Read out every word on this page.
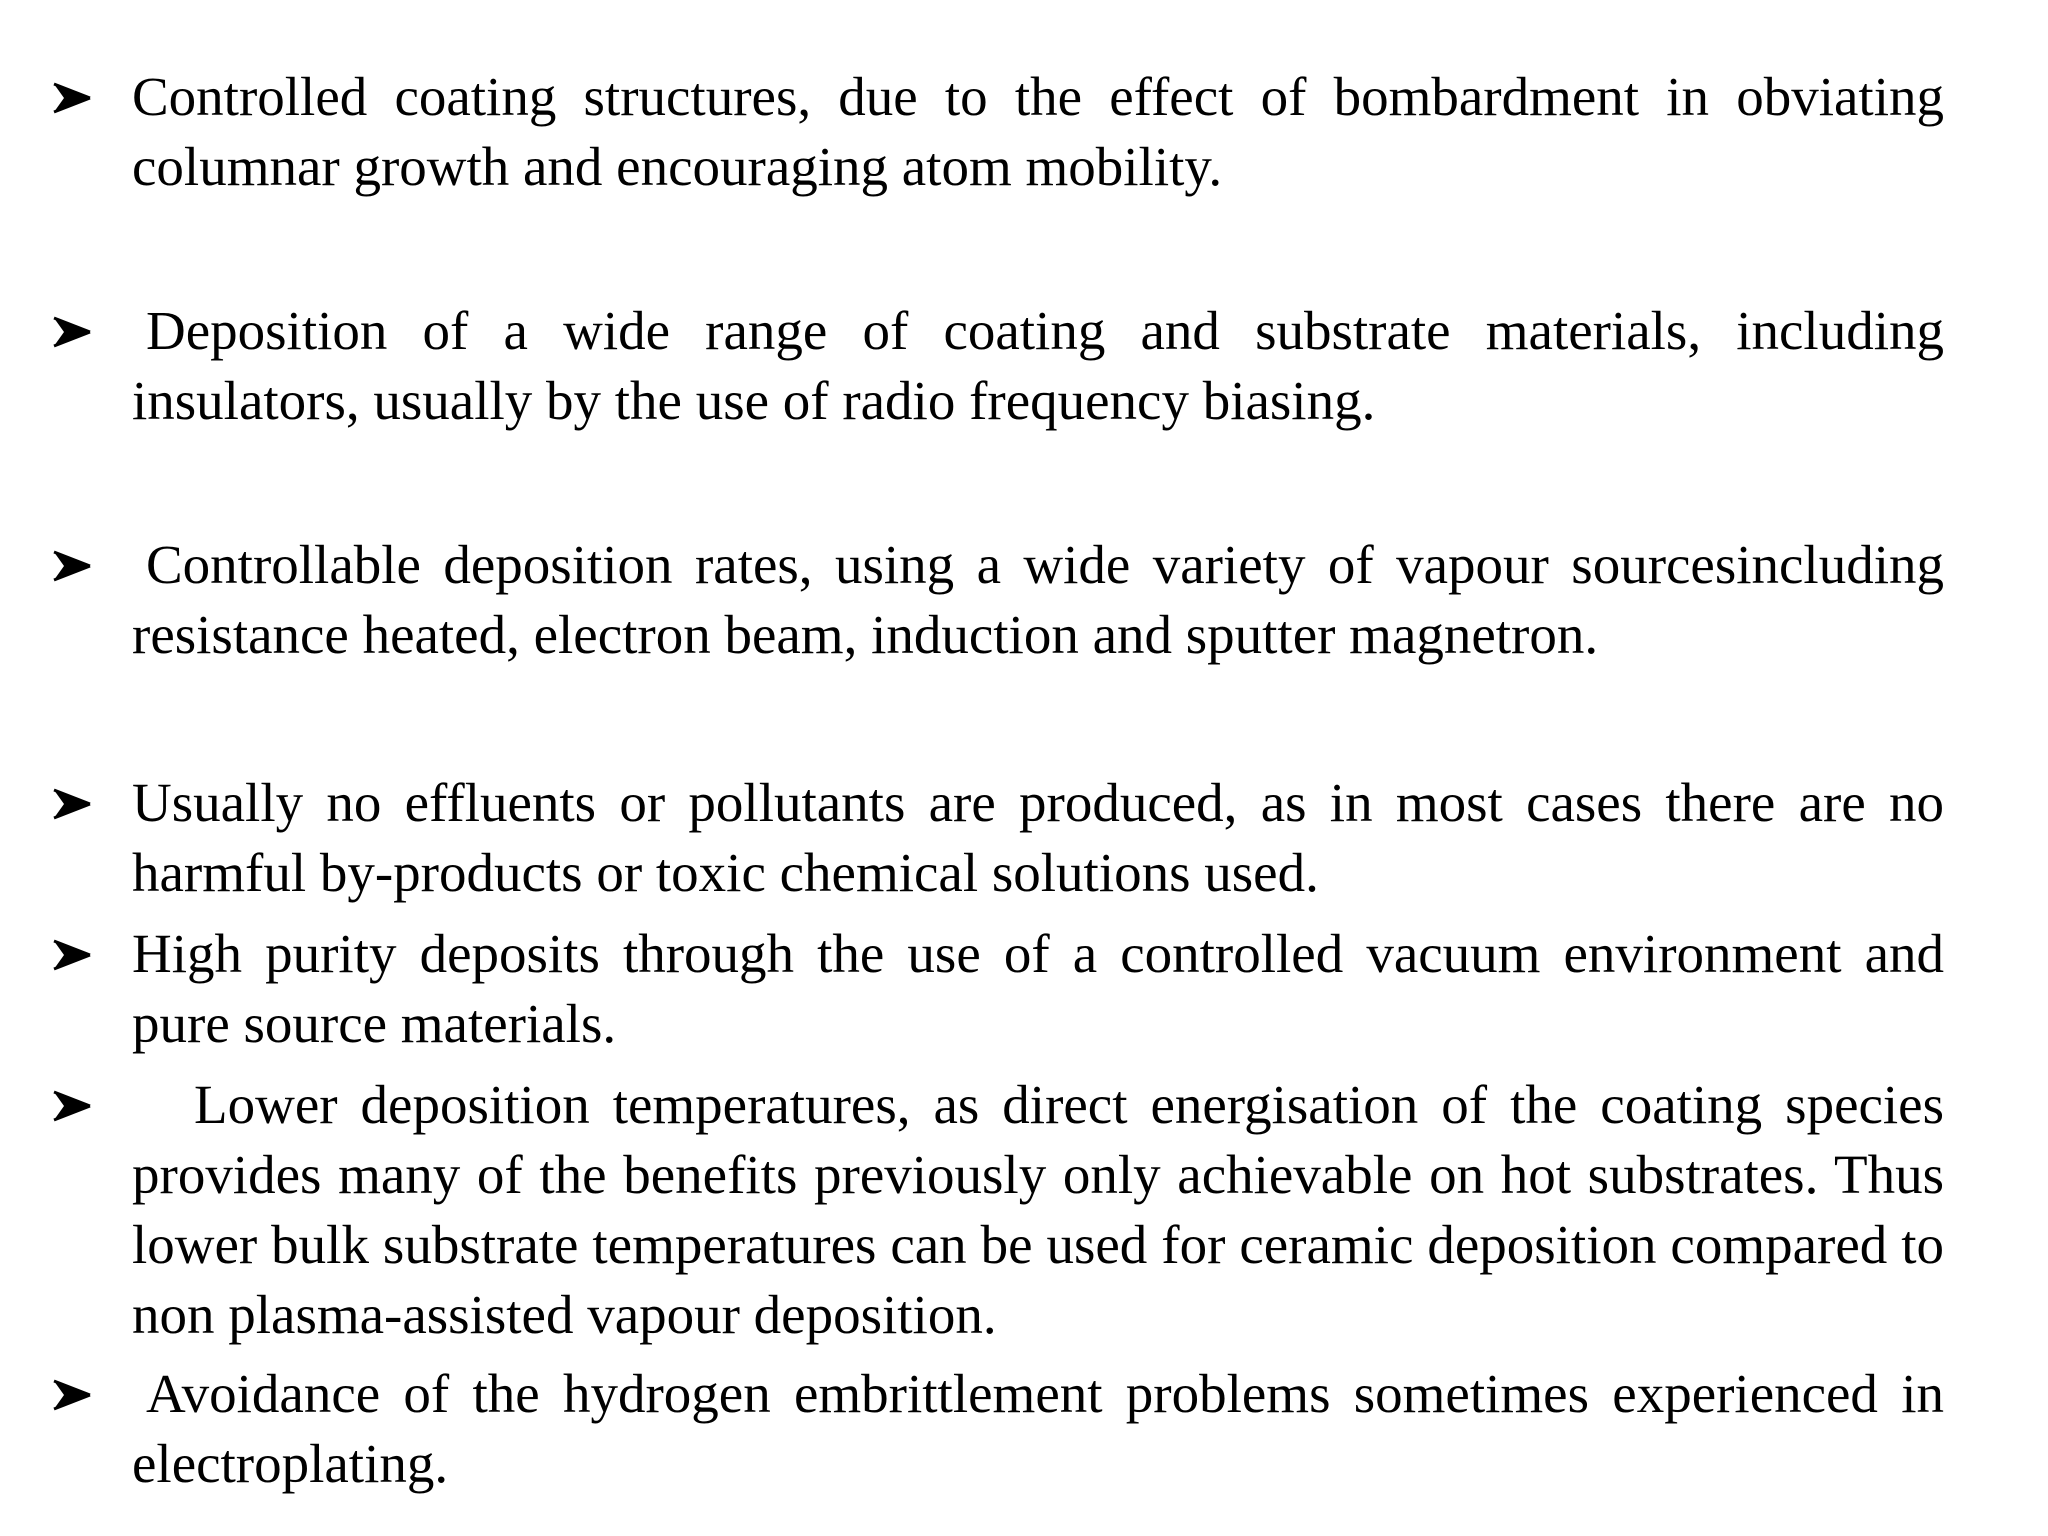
Controlled coating structures, due to the effect of bombardment in obviating columnar growth and encouraging atom mobility.
Deposition of a wide range of coating and substrate materials, including insulators, usually by the use of radio frequency biasing.
Controllable deposition rates, using a wide variety of vapour sourcesincluding resistance heated, electron beam, induction and sputter magnetron.
Usually no effluents or pollutants are produced, as in most cases there are no harmful by-products or toxic chemical solutions used.
High purity deposits through the use of a controlled vacuum environment and pure source materials.
Lower deposition temperatures, as direct energisation of the coating species provides many of the benefits previously only achievable on hot substrates. Thus lower bulk substrate temperatures can be used for ceramic deposition compared to non plasma-assisted vapour deposition.
Avoidance of the hydrogen embrittlement problems sometimes experienced in electroplating.
